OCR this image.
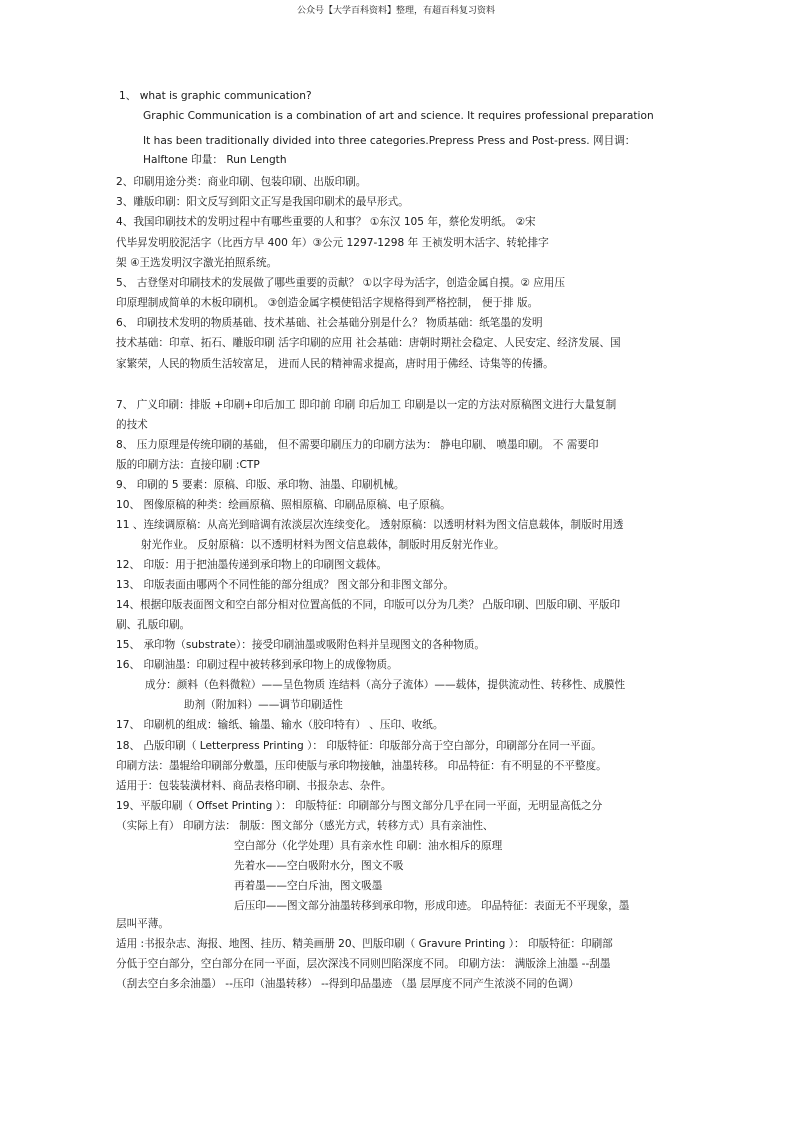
公众号【大学百科资料】整理，有超百科复习资料
1、 what is graphic communication?
Graphic Communication is a combination of art and science. It requires professional preparation
It has been traditionally divided into three categories.Prepress Press and Post-press. 网目调：
Halftone 印量： Run Length
2、印刷用途分类：商业印刷、包装印刷、出版印刷。
3、雕版印刷：阳文反写到阳文正写是我国印刷术的最早形式。
4、我国印刷技术的发明过程中有哪些重要的人和事？ ①东汉 105 年，蔡伦发明纸。 ②宋
代毕昇发明胶泥活字（比西方早 400 年）③公元 1297-1298 年 王祯发明木活字、转轮排字
架 ④王选发明汉字激光拍照系统。
5、 古登堡对印刷技术的发展做了哪些重要的贡献？ ①以字母为活字，创造金属自摸。② 应用压
印原理制成简单的木板印刷机。 ③创造金属字模使铅活字规格得到严格控制， 便于排 版。
6、 印刷技术发明的物质基础、技术基础、社会基础分别是什么？ 物质基础：纸笔墨的发明
技术基础：印章、拓石、雕版印刷 活字印刷的应用 社会基础：唐朝时期社会稳定、人民安定、经济发展、国
家繁荣，人民的物质生活较富足， 进而人民的精神需求提高，唐时用于佛经、诗集等的传播。
7、 广义印刷：排版 +印刷+印后加工 即印前 印刷 印后加工 印刷是以一定的方法对原稿图文进行大量复制
的技术
8、 压力原理是传统印刷的基础， 但不需要印刷压力的印刷方法为： 静电印刷、 喷墨印刷。 不 需要印
版的印刷方法：直接印刷 :CTP
9、 印刷的 5 要素：原稿、印版、承印物、油墨、印刷机械。
10、 图像原稿的种类：绘画原稿、照相原稿、印刷品原稿、电子原稿。
11 、连续调原稿：从高光到暗调有浓淡层次连续变化。 透射原稿：以透明材料为图文信息载体，制版时用透
射光作业。 反射原稿：以不透明材料为图文信息载体，制版时用反射光作业。
12、 印版：用于把油墨传递到承印物上的印刷图文载体。
13、 印版表面由哪两个不同性能的部分组成？ 图文部分和非图文部分。
14、根据印版表面图文和空白部分相对位置高低的不同，印版可以分为几类？ 凸版印刷、凹版印刷、平版印
刷、孔版印刷。
15、 承印物（substrate）：接受印刷油墨或吸附色料并呈现图文的各种物质。
16、 印刷油墨：印刷过程中被转移到承印物上的成像物质。
成分：颜料（色料微粒）——呈色物质 连结料（高分子流体）——载体，提供流动性、转移性、成膜性
助剂（附加料）——调节印刷适性
17、 印刷机的组成：输纸、输墨、输水（胶印特有） 、压印、收纸。
18、 凸版印刷（ Letterpress Printing ）： 印版特征：印版部分高于空白部分，印刷部分在同一平面。
印刷方法：墨辊给印刷部分敷墨，压印使版与承印物接触，油墨转移。 印品特征：有不明显的不平整度。
适用于：包装装潢材料、商品表格印刷、书报杂志、杂件。
19、平版印刷（ Offset Printing ）： 印版特征：印刷部分与图文部分几乎在同一平面，无明显高低之分
（实际上有） 印刷方法： 制版：图文部分（感光方式，转移方式）具有亲油性、
空白部分（化学处理）具有亲水性 印刷：油水相斥的原理
先着水——空白吸附水分，图文不吸
再着墨——空白斥油，图文吸墨
后压印——图文部分油墨转移到承印物，形成印迹。 印品特征：表面无不平现象，墨
层叫平薄。
适用 :书报杂志、海报、地图、挂历、精美画册 20、凹版印刷（ Gravure Printing ）： 印版特征：印刷部
分低于空白部分，空白部分在同一平面，层次深浅不同则凹陷深度不同。 印刷方法： 满版涂上油墨 --刮墨
（刮去空白多余油墨） --压印（油墨转移） --得到印品墨迹 （墨 层厚度不同产生浓淡不同的色调）
